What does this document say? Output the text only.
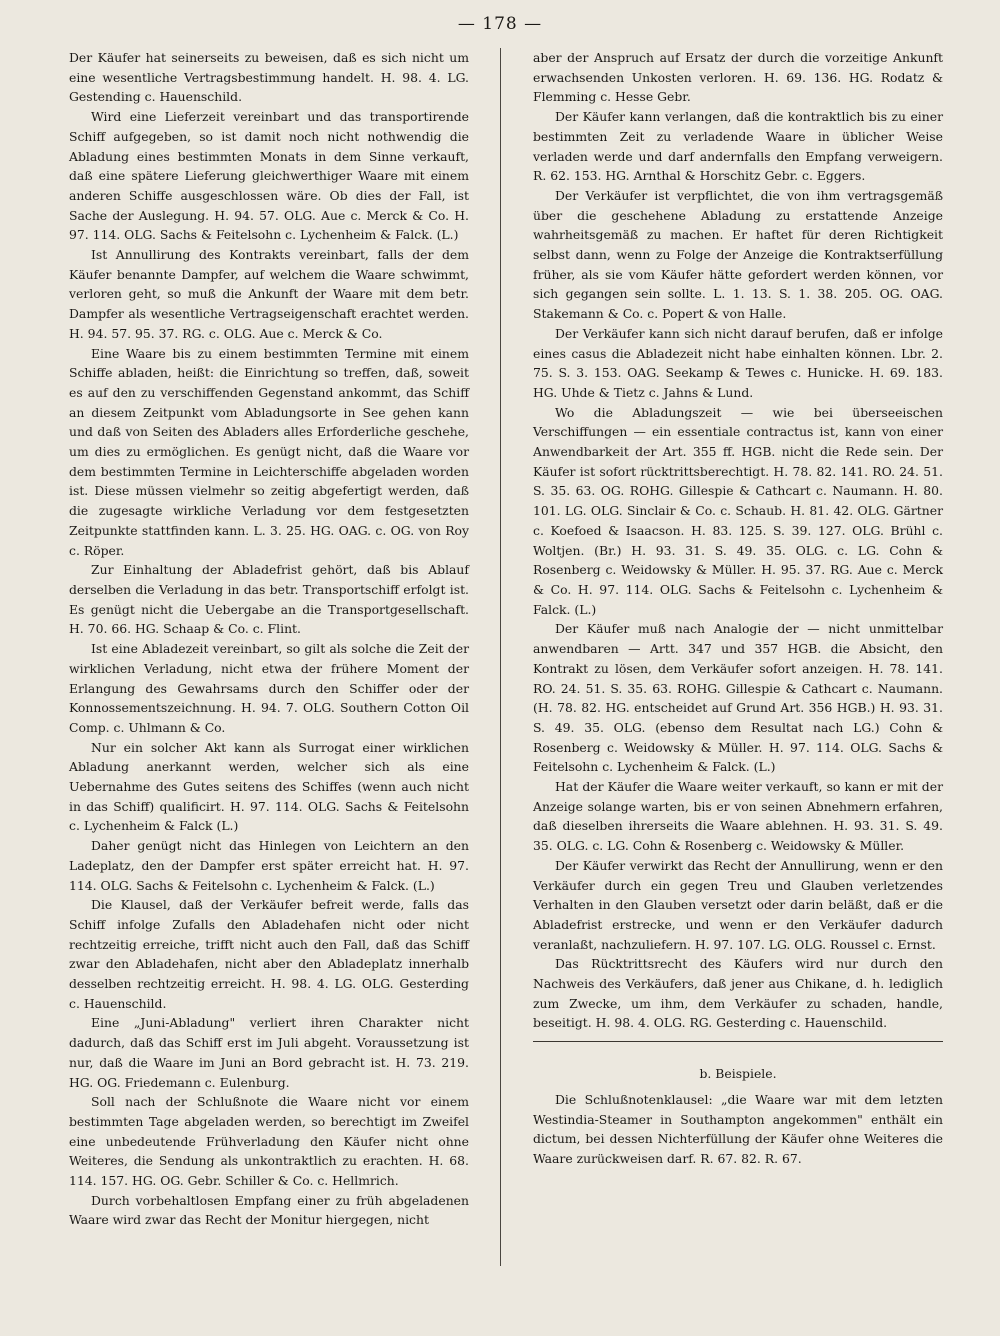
— 178 —

Der Käufer hat seinerseits zu beweisen, daß es sich nicht um eine wesentliche Vertragsbestimmung handelt. H. 98. 4. LG. Gestending c. Hauenschild.

Wird eine Lieferzeit vereinbart und das transportirende Schiff aufgegeben, so ist damit noch nicht nothwendig die Abladung eines bestimmten Monats in dem Sinne verkauft, daß eine spätere Lieferung gleichwerthiger Waare mit einem anderen Schiffe ausgeschlossen wäre. Ob dies der Fall, ist Sache der Auslegung. H. 94. 57. OLG. Aue c. Merck & Co. H. 97. 114. OLG. Sachs & Feitelsohn c. Lychenheim & Falck. (L.)

Ist Annullirung des Kontrakts vereinbart, falls der dem Käufer benannte Dampfer, auf welchem die Waare schwimmt, verloren geht, so muß die Ankunft der Waare mit dem betr. Dampfer als wesentliche Vertragseigenschaft erachtet werden. H. 94. 57. 95. 37. RG. c. OLG. Aue c. Merck & Co.

Eine Waare bis zu einem bestimmten Termine mit einem Schiffe abladen, heißt: die Einrichtung so treffen, daß, soweit es auf den zu verschiffenden Gegenstand ankommt, das Schiff an diesem Zeitpunkt vom Abladungsorte in See gehen kann und daß von Seiten des Abladers alles Erforderliche geschehe, um dies zu ermöglichen. Es genügt nicht, daß die Waare vor dem bestimmten Termine in Leichterschiffe abgeladen worden ist. Diese müssen vielmehr so zeitig abgefertigt werden, daß die zugesagte wirkliche Verladung vor dem festgesetzten Zeitpunkte stattfinden kann. L. 3. 25. HG. OAG. c. OG. von Roy c. Röper.

Zur Einhaltung der Abladefrist gehört, daß bis Ablauf derselben die Verladung in das betr. Transportschiff erfolgt ist. Es genügt nicht die Uebergabe an die Transportgesellschaft. H. 70. 66. HG. Schaap & Co. c. Flint.

Ist eine Abladezeit vereinbart, so gilt als solche die Zeit der wirklichen Verladung, nicht etwa der frühere Moment der Erlangung des Gewahrsams durch den Schiffer oder der Konnossementszeichnung. H. 94. 7. OLG. Southern Cotton Oil Comp. c. Uhlmann & Co.

Nur ein solcher Akt kann als Surrogat einer wirklichen Abladung anerkannt werden, welcher sich als eine Uebernahme des Gutes seitens des Schiffes (wenn auch nicht in das Schiff) qualificirt. H. 97. 114. OLG. Sachs & Feitelsohn c. Lychenheim & Falck (L.)

Daher genügt nicht das Hinlegen von Leichtern an den Ladeplatz, den der Dampfer erst später erreicht hat. H. 97. 114. OLG. Sachs & Feitelsohn c. Lychenheim & Falck. (L.)

Die Klausel, daß der Verkäufer befreit werde, falls das Schiff infolge Zufalls den Abladehafen nicht oder nicht rechtzeitig erreiche, trifft nicht auch den Fall, daß das Schiff zwar den Abladehafen, nicht aber den Abladeplatz innerhalb desselben rechtzeitig erreicht. H. 98. 4. LG. OLG. Gesterding c. Hauenschild.

Eine „Juni-Abladung" verliert ihren Charakter nicht dadurch, daß das Schiff erst im Juli abgeht. Voraussetzung ist nur, daß die Waare im Juni an Bord gebracht ist. H. 73. 219. HG. OG. Friedemann c. Eulenburg.

Soll nach der Schlußnote die Waare nicht vor einem bestimmten Tage abgeladen werden, so berechtigt im Zweifel eine unbedeutende Frühverladung den Käufer nicht ohne Weiteres, die Sendung als unkontraktlich zu erachten. H. 68. 114. 157. HG. OG. Gebr. Schiller & Co. c. Hellmrich.

Durch vorbehaltlosen Empfang einer zu früh abgeladenen Waare wird zwar das Recht der Monitur hiergegen, nicht

aber der Anspruch auf Ersatz der durch die vorzeitige Ankunft erwachsenden Unkosten verloren. H. 69. 136. HG. Rodatz & Flemming c. Hesse Gebr.

Der Käufer kann verlangen, daß die kontraktlich bis zu einer bestimmten Zeit zu verladende Waare in üblicher Weise verladen werde und darf andernfalls den Empfang verweigern. R. 62. 153. HG. Arnthal & Horschitz Gebr. c. Eggers.

Der Verkäufer ist verpflichtet, die von ihm vertragsgemäß über die geschehene Abladung zu erstattende Anzeige wahrheitsgemäß zu machen. Er haftet für deren Richtigkeit selbst dann, wenn zu Folge der Anzeige die Kontraktserfüllung früher, als sie vom Käufer hätte gefordert werden können, vor sich gegangen sein sollte. L. 1. 13. S. 1. 38. 205. OG. OAG. Stakemann & Co. c. Popert & von Halle.

Der Verkäufer kann sich nicht darauf berufen, daß er infolge eines casus die Abladezeit nicht habe einhalten können. Lbr. 2. 75. S. 3. 153. OAG. Seekamp & Tewes c. Hunicke. H. 69. 183. HG. Uhde & Tietz c. Jahns & Lund.

Wo die Abladungszeit — wie bei überseeischen Verschiffungen — ein essentiale contractus ist, kann von einer Anwendbarkeit der Art. 355 ff. HGB. nicht die Rede sein. Der Käufer ist sofort rücktrittsberechtigt. H. 78. 82. 141. RO. 24. 51. S. 35. 63. OG. ROHG. Gillespie & Cathcart c. Naumann. H. 80. 101. LG. OLG. Sinclair & Co. c. Schaub. H. 81. 42. OLG. Gärtner c. Koefoed & Isaacson. H. 83. 125. S. 39. 127. OLG. Brühl c. Woltjen. (Br.) H. 93. 31. S. 49. 35. OLG. c. LG. Cohn & Rosenberg c. Weidowsky & Müller. H. 95. 37. RG. Aue c. Merck & Co. H. 97. 114. OLG. Sachs & Feitelsohn c. Lychenheim & Falck. (L.)

Der Käufer muß nach Analogie der — nicht unmittelbar anwendbaren — Artt. 347 und 357 HGB. die Absicht, den Kontrakt zu lösen, dem Verkäufer sofort anzeigen. H. 78. 141. RO. 24. 51. S. 35. 63. ROHG. Gillespie & Cathcart c. Naumann. (H. 78. 82. HG. entscheidet auf Grund Art. 356 HGB.) H. 93. 31. S. 49. 35. OLG. (ebenso dem Resultat nach LG.) Cohn & Rosenberg c. Weidowsky & Müller. H. 97. 114. OLG. Sachs & Feitelsohn c. Lychenheim & Falck. (L.)

Hat der Käufer die Waare weiter verkauft, so kann er mit der Anzeige solange warten, bis er von seinen Abnehmern erfahren, daß dieselben ihrerseits die Waare ablehnen. H. 93. 31. S. 49. 35. OLG. c. LG. Cohn & Rosenberg c. Weidowsky & Müller.

Der Käufer verwirkt das Recht der Annullirung, wenn er den Verkäufer durch ein gegen Treu und Glauben verletzendes Verhalten in den Glauben versetzt oder darin beläßt, daß er die Abladefrist erstrecke, und wenn er den Verkäufer dadurch veranlaßt, nachzuliefern. H. 97. 107. LG. OLG. Roussel c. Ernst.

Das Rücktrittsrecht des Käufers wird nur durch den Nachweis des Verkäufers, daß jener aus Chikane, d. h. lediglich zum Zwecke, um ihm, dem Verkäufer zu schaden, handle, beseitigt. H. 98. 4. OLG. RG. Gesterding c. Hauenschild.

b. Beispiele.

Die Schlußnotenklausel: „die Waare war mit dem letzten Westindia-Steamer in Southampton angekommen" enthält ein dictum, bei dessen Nichterfüllung der Käufer ohne Weiteres die Waare zurückweisen darf. R. 67. 82. R. 67.
